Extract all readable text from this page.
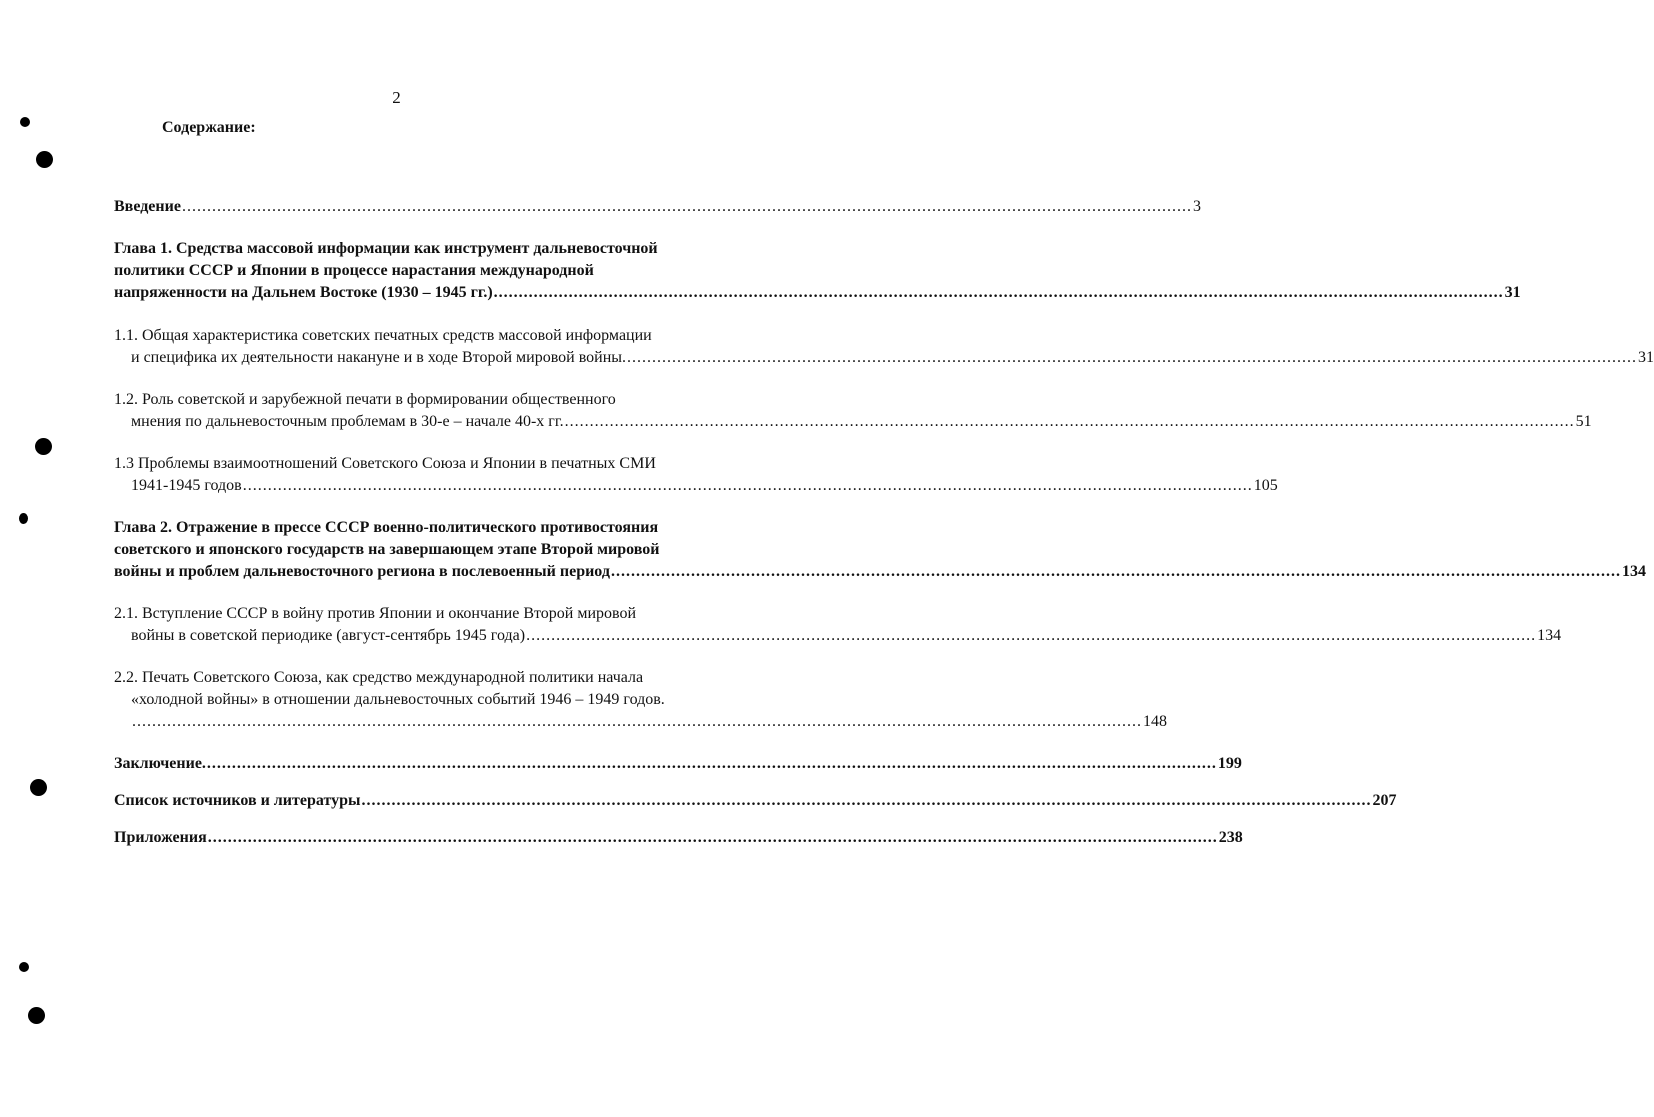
2
Содержание:
Введение .......................................................................................................................................................................................................... 3
Глава 1. Средства массовой информации как инструмент дальневосточной
политики СССР и Японии в процессе нарастания международной
напряженности на Дальнем Востоке (1930 – 1945 гг.) .......................................................................................................................................................................................................... 31
1.1. Общая характеристика советских печатных средств массовой информации
и специфика их деятельности накануне и в ходе Второй мировой войны. .......................................................................................................................................................................................................... 31
1.2. Роль советской и зарубежной печати в формировании общественного
мнения по дальневосточным проблемам в 30-е – начале 40-х гг. .......................................................................................................................................................................................................... 51
1.3 Проблемы взаимоотношений Советского Союза и Японии в печатных СМИ
1941-1945 годов .......................................................................................................................................................................................................... 105
Глава 2. Отражение в прессе СССР военно-политического противостояния
советского и японского государств на завершающем этапе Второй мировой
войны и проблем дальневосточного региона в послевоенный период .......................................................................................................................................................................................................... 134
2.1. Вступление СССР в войну против Японии и окончание Второй мировой
войны в советской периодике (август-сентябрь 1945 года) .......................................................................................................................................................................................................... 134
2.2. Печать Советского Союза, как средство международной политики начала
«холодной войны» в отношении дальневосточных событий 1946 – 1949 годов.
.......................................................................................................................................................................................................... 148
Заключение. .......................................................................................................................................................................................................... 199
Список источников и литературы .......................................................................................................................................................................................................... 207
Приложения .......................................................................................................................................................................................................... 238
